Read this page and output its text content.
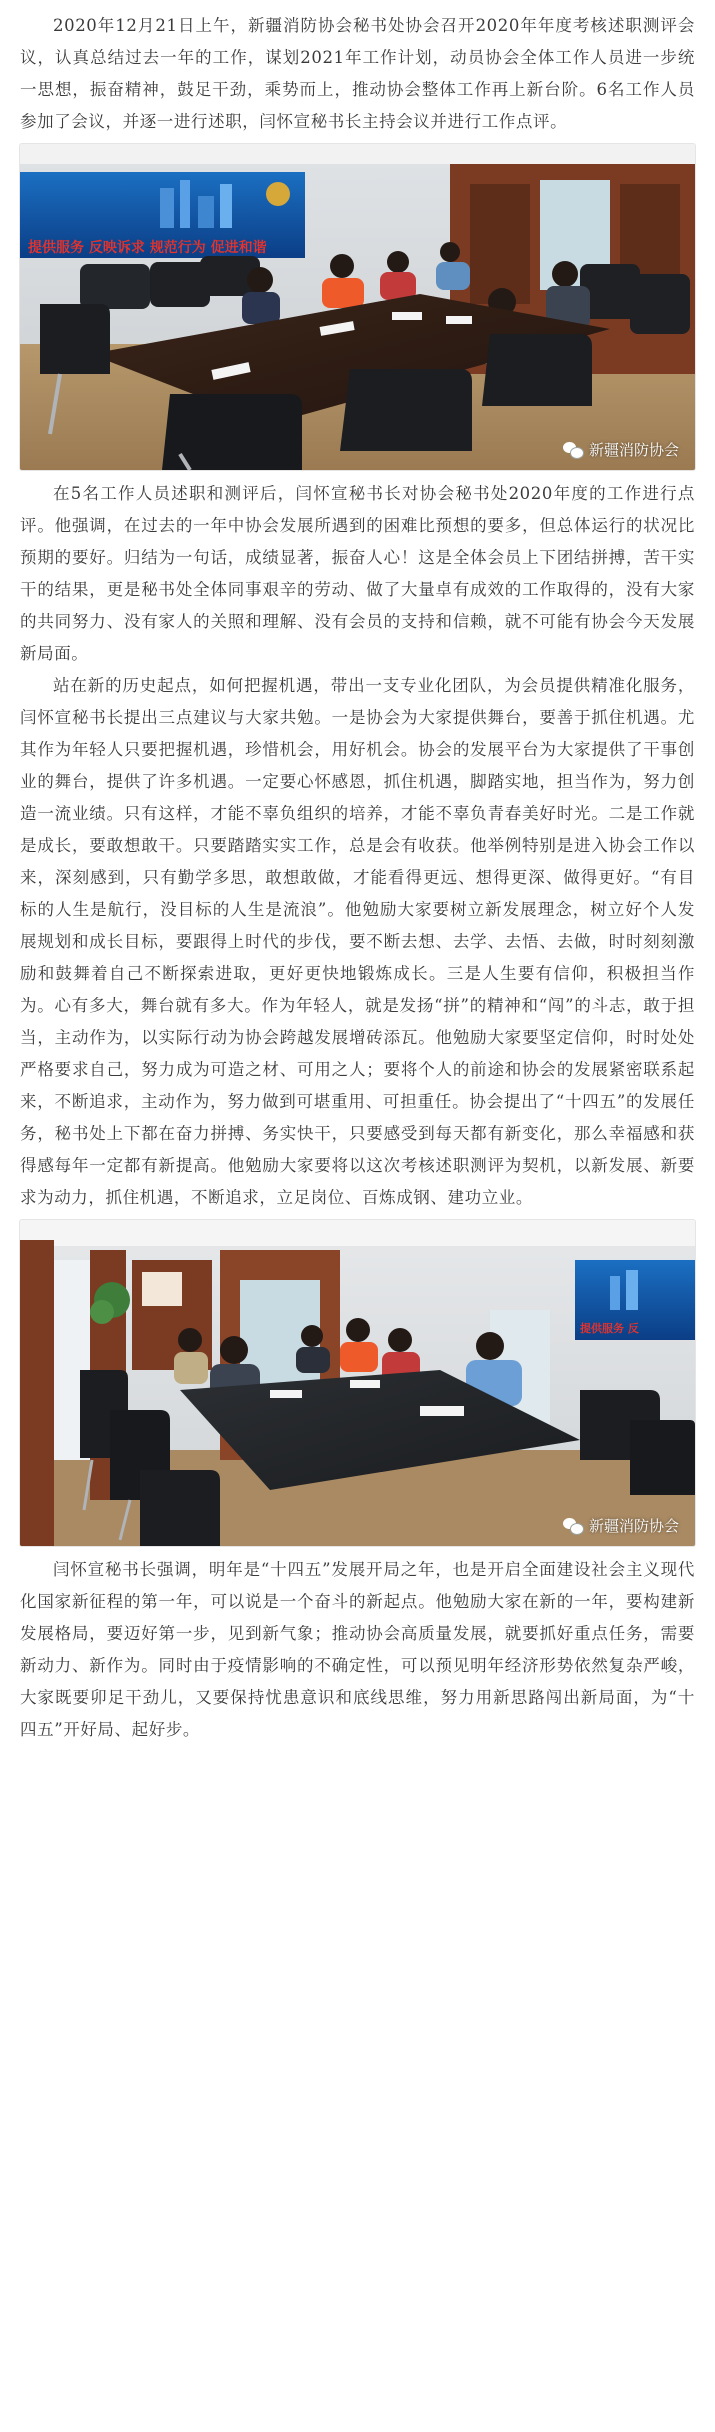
2020年12月21日上午，新疆消防协会秘书处协会召开2020年年度考核述职测评会议，认真总结过去一年的工作，谋划2021年工作计划，动员协会全体工作人员进一步统一思想，振奋精神，鼓足干劲，乘势而上，推动协会整体工作再上新台阶。6名工作人员参加了会议，并逐一进行述职，闫怀宣秘书长主持会议并进行工作点评。

提供服务 反映诉求 规范行为 促进和谐
新疆消防协会

在5名工作人员述职和测评后，闫怀宣秘书长对协会秘书处2020年度的工作进行点评。他强调，在过去的一年中协会发展所遇到的困难比预想的要多，但总体运行的状况比预期的要好。归结为一句话，成绩显著，振奋人心！这是全体会员上下团结拼搏，苦干实干的结果，更是秘书处全体同事艰辛的劳动、做了大量卓有成效的工作取得的，没有大家的共同努力、没有家人的关照和理解、没有会员的支持和信赖，就不可能有协会今天发展新局面。

站在新的历史起点，如何把握机遇，带出一支专业化团队，为会员提供精准化服务，闫怀宣秘书长提出三点建议与大家共勉。一是协会为大家提供舞台，要善于抓住机遇。尤其作为年轻人只要把握机遇，珍惜机会，用好机会。协会的发展平台为大家提供了干事创业的舞台，提供了许多机遇。一定要心怀感恩，抓住机遇，脚踏实地，担当作为，努力创造一流业绩。只有这样，才能不辜负组织的培养，才能不辜负青春美好时光。二是工作就是成长，要敢想敢干。只要踏踏实实工作，总是会有收获。他举例特别是进入协会工作以来，深刻感到，只有勤学多思，敢想敢做，才能看得更远、想得更深、做得更好。“有目标的人生是航行，没目标的人生是流浪”。他勉励大家要树立新发展理念，树立好个人发展规划和成长目标，要跟得上时代的步伐，要不断去想、去学、去悟、去做，时时刻刻激励和鼓舞着自己不断探索进取，更好更快地锻炼成长。三是人生要有信仰，积极担当作为。心有多大，舞台就有多大。作为年轻人，就是发扬“拼”的精神和“闯”的斗志，敢于担当，主动作为，以实际行动为协会跨越发展增砖添瓦。他勉励大家要坚定信仰，时时处处严格要求自己，努力成为可造之材、可用之人；要将个人的前途和协会的发展紧密联系起来，不断追求，主动作为，努力做到可堪重用、可担重任。协会提出了“十四五”的发展任务，秘书处上下都在奋力拼搏、务实快干，只要感受到每天都有新变化，那么幸福感和获得感每年一定都有新提高。他勉励大家要将以这次考核述职测评为契机，以新发展、新要求为动力，抓住机遇，不断追求，立足岗位、百炼成钢、建功立业。

提供服务 反
新疆消防协会

闫怀宣秘书长强调，明年是“十四五”发展开局之年，也是开启全面建设社会主义现代化国家新征程的第一年，可以说是一个奋斗的新起点。他勉励大家在新的一年，要构建新发展格局，要迈好第一步，见到新气象；推动协会高质量发展，就要抓好重点任务，需要新动力、新作为。同时由于疫情影响的不确定性，可以预见明年经济形势依然复杂严峻，大家既要卯足干劲儿，又要保持忧患意识和底线思维，努力用新思路闯出新局面，为“十四五”开好局、起好步。
